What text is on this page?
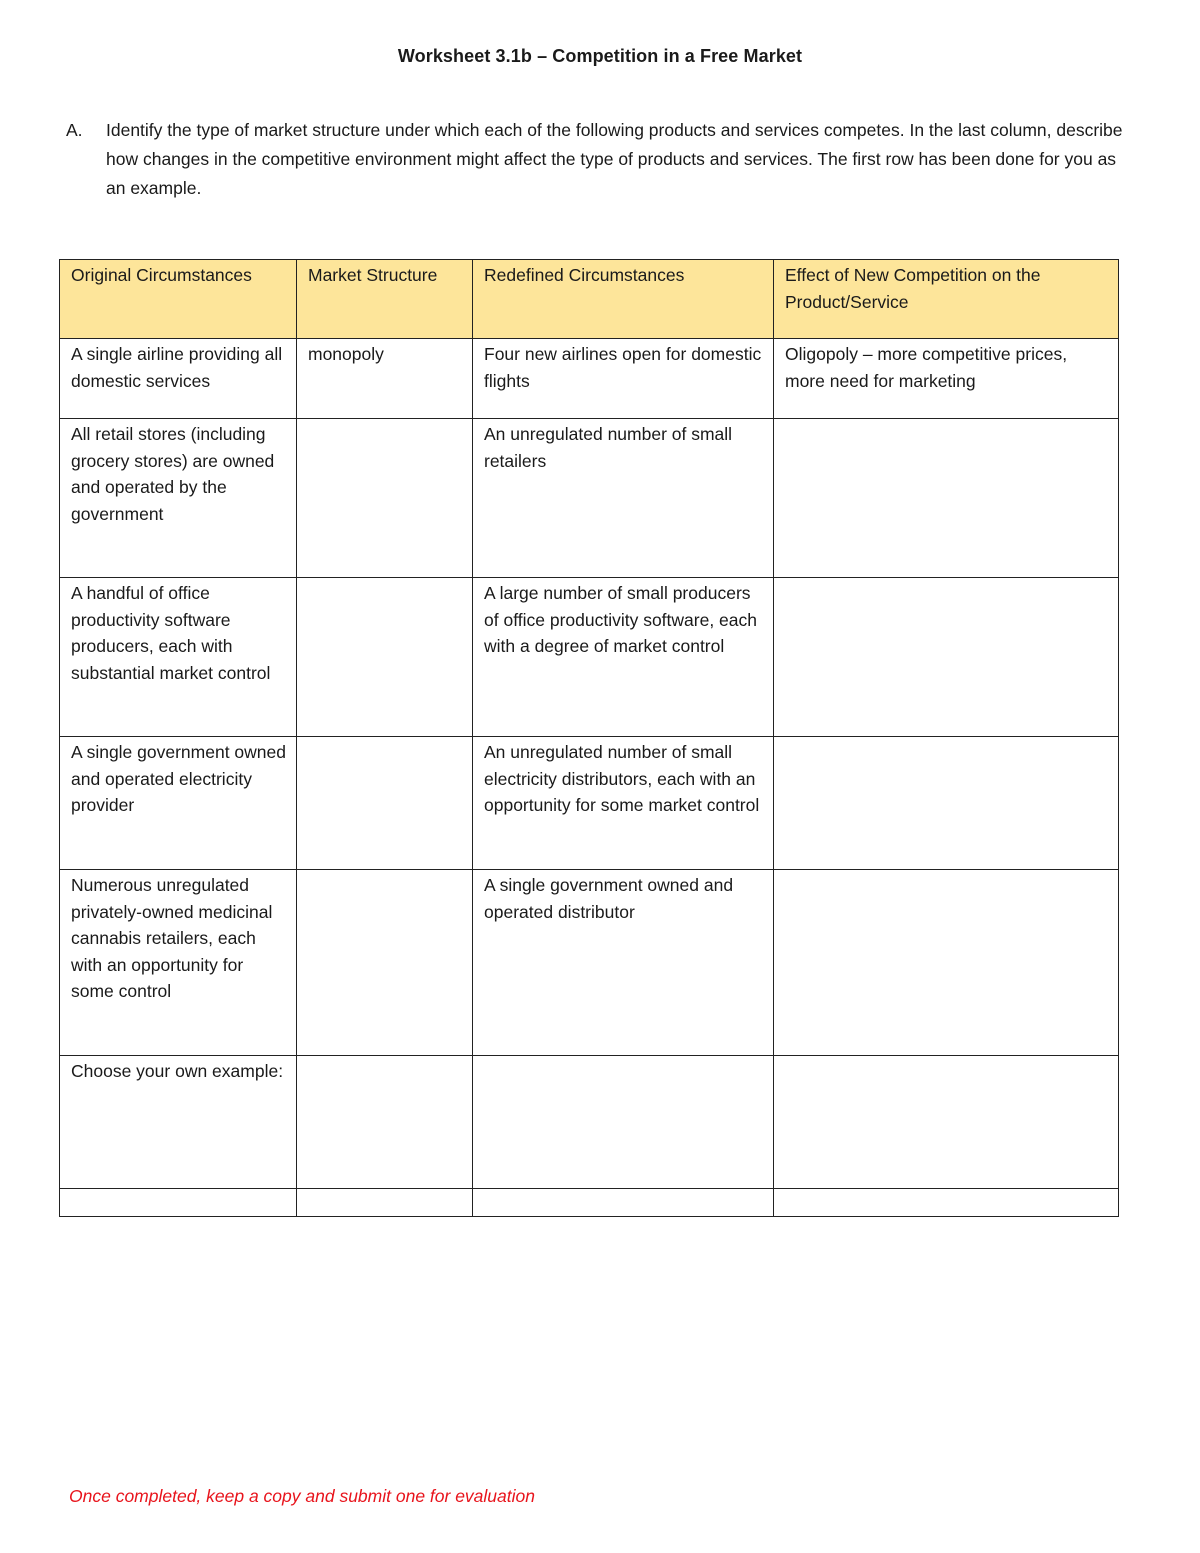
Worksheet 3.1b – Competition in a Free Market
A. Identify the type of market structure under which each of the following products and services competes. In the last column, describe how changes in the competitive environment might affect the type of products and services. The first row has been done for you as an example.
Original Circumstances	Market Structure	Redefined Circumstances	Effect of New Competition on the Product/Service
A single airline providing all domestic services	monopoly	Four new airlines open for domestic flights	Oligopoly – more competitive prices, more need for marketing
All retail stores (including grocery stores) are owned and operated by the government		An unregulated number of small retailers	
A handful of office productivity software producers, each with substantial market control		A large number of small producers of office productivity software, each with a degree of market control	
A single government owned and operated electricity provider		An unregulated number of small electricity distributors, each with an opportunity for some market control	
Numerous unregulated privately-owned medicinal cannabis retailers, each with an opportunity for some control		A single government owned and operated distributor	
Choose your own example:			

Once completed, keep a copy and submit one for evaluation
